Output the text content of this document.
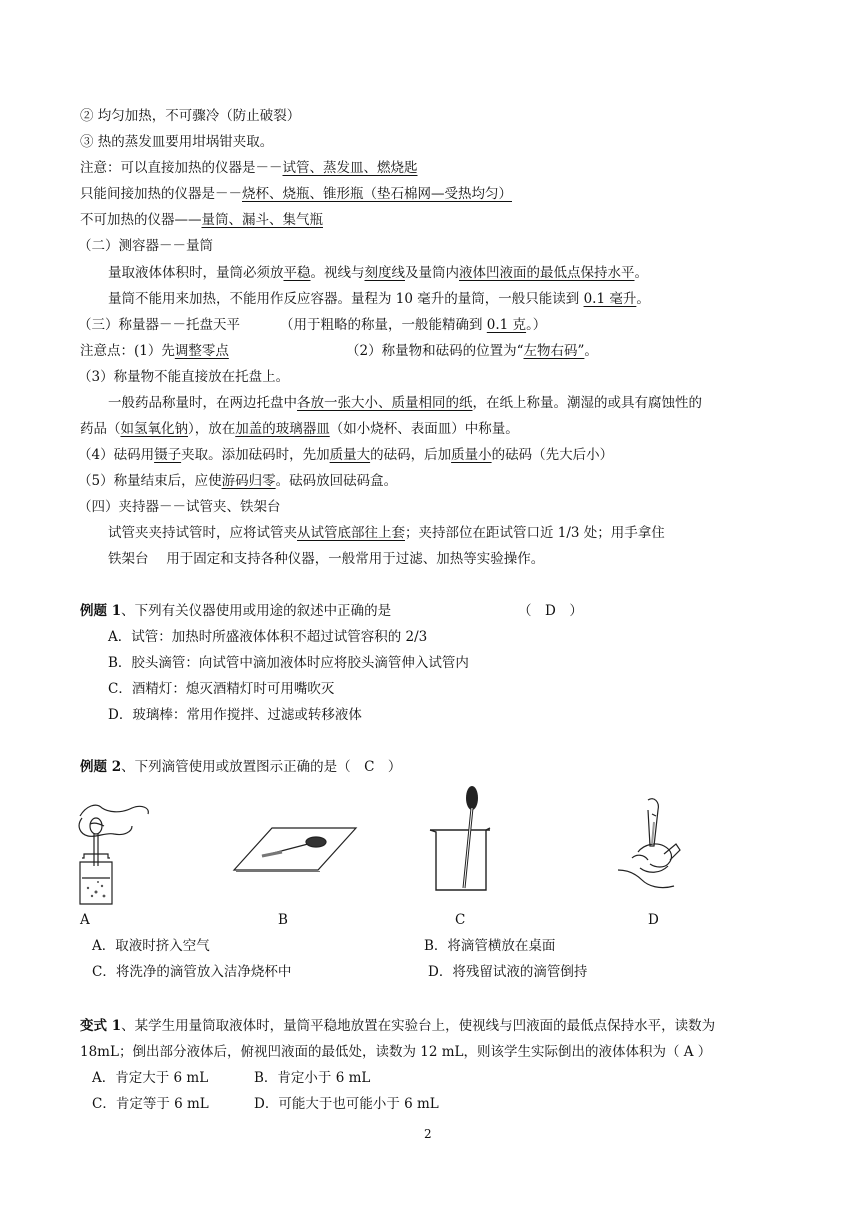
② 均匀加热，不可骤冷（防止破裂）
③ 热的蒸发皿要用坩埚钳夹取。
注意：可以直接加热的仪器是－－试管、蒸发皿、燃烧匙
只能间接加热的仪器是－－烧杯、烧瓶、锥形瓶（垫石棉网—受热均匀）
不可加热的仪器——量筒、漏斗、集气瓶
（二）测容器－－量筒
量取液体体积时，量筒必须放平稳。视线与刻度线及量筒内液体凹液面的最低点保持水平。
量筒不能用来加热，不能用作反应容器。量程为 10 毫升的量筒，一般只能读到 0.1 毫升。
（三）称量器－－托盘天平	（用于粗略的称量，一般能精确到 0.1 克。）
注意点：(1）先调整零点	（2）称量物和砝码的位置为“左物右码”。
（3）称量物不能直接放在托盘上。
一般药品称量时，在两边托盘中各放一张大小、质量相同的纸，在纸上称量。潮湿的或具有腐蚀性的
药品（如氢氧化钠），放在加盖的玻璃器皿（如小烧杯、表面皿）中称量。
（4）砝码用镊子夹取。添加砝码时，先加质量大的砝码，后加质量小的砝码（先大后小）
（5）称量结束后，应使游码归零。砝码放回砝码盒。
（四）夹持器－－试管夹、铁架台
试管夹夹持试管时，应将试管夹从试管底部往上套；夹持部位在距试管口近 1/3 处；用手拿住
铁架台　 用于固定和支持各种仪器，一般常用于过滤、加热等实验操作。
例题 1、下列有关仪器使用或用途的叙述中正确的是	（　D　）
A．试管：加热时所盛液体体积不超过试管容积的 2/3
B．胶头滴管：向试管中滴加液体时应将胶头滴管伸入试管内
C．酒精灯：熄灭酒精灯时可用嘴吹灭
D．玻璃棒：常用作搅拌、过滤或转移液体
例题 2、下列滴管使用或放置图示正确的是（　C　）
A	B	C	D
A．取液时挤入空气	B．将滴管横放在桌面
C．将洗净的滴管放入洁净烧杯中	D．将残留试液的滴管倒持
变式 1、某学生用量筒取液体时，量筒平稳地放置在实验台上，使视线与凹液面的最低点保持水平，读数为
18mL；倒出部分液体后，俯视凹液面的最低处，读数为 12 mL，则该学生实际倒出的液体体积为（ A ）
A．肯定大于 6 mL	B．肯定小于 6 mL
C．肯定等于 6 mL	D．可能大于也可能小于 6 mL
2
